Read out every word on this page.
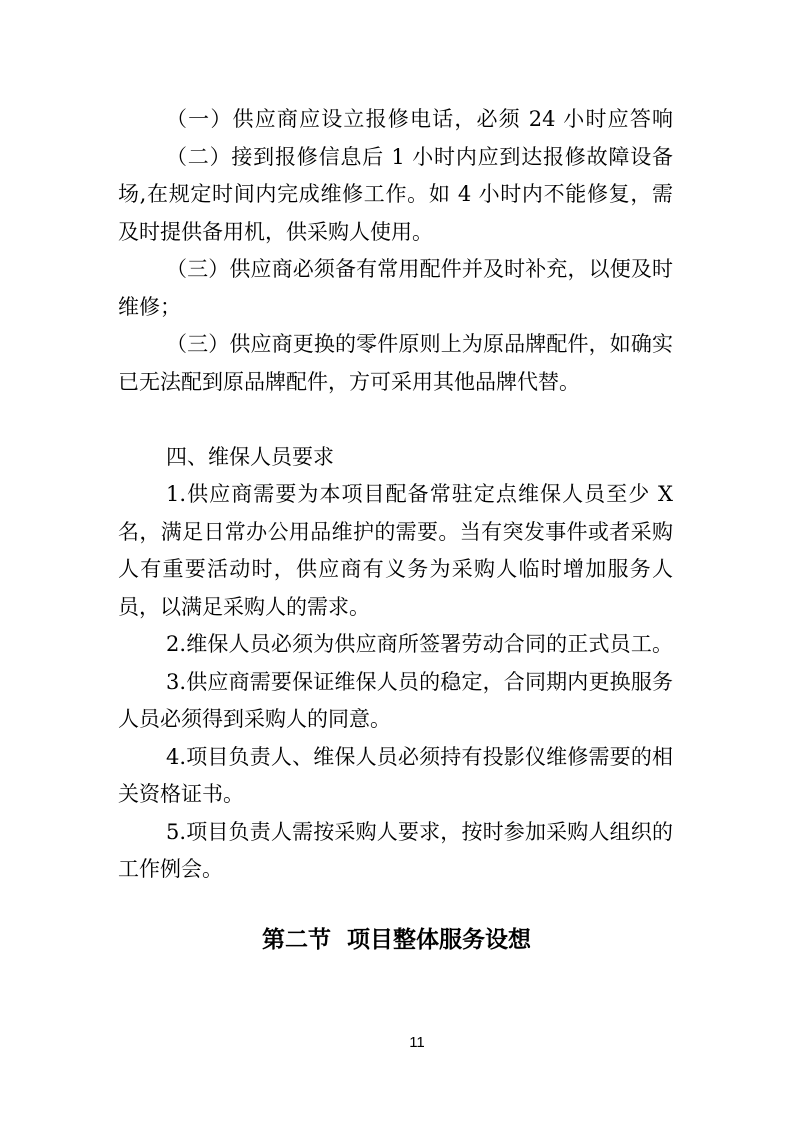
（一）供应商应设立报修电话，必须 24 小时应答响
（二）接到报修信息后 1 小时内应到达报修故障设备
场,在规定时间内完成维修工作。如 4 小时内不能修复，需
及时提供备用机，供采购人使用。
（三）供应商必须备有常用配件并及时补充，以便及时
维修；
（三）供应商更换的零件原则上为原品牌配件，如确实
已无法配到原品牌配件，方可采用其他品牌代替。
四、维保人员要求
1.供应商需要为本项目配备常驻定点维保人员至少 X
名，满足日常办公用品维护的需要。当有突发事件或者采购
人有重要活动时，供应商有义务为采购人临时增加服务人
员，以满足采购人的需求。
2.维保人员必须为供应商所签署劳动合同的正式员工。
3.供应商需要保证维保人员的稳定，合同期内更换服务
人员必须得到采购人的同意。
4.项目负责人、维保人员必须持有投影仪维修需要的相
关资格证书。
5.项目负责人需按采购人要求，按时参加采购人组织的
工作例会。
第二节  项目整体服务设想
11
